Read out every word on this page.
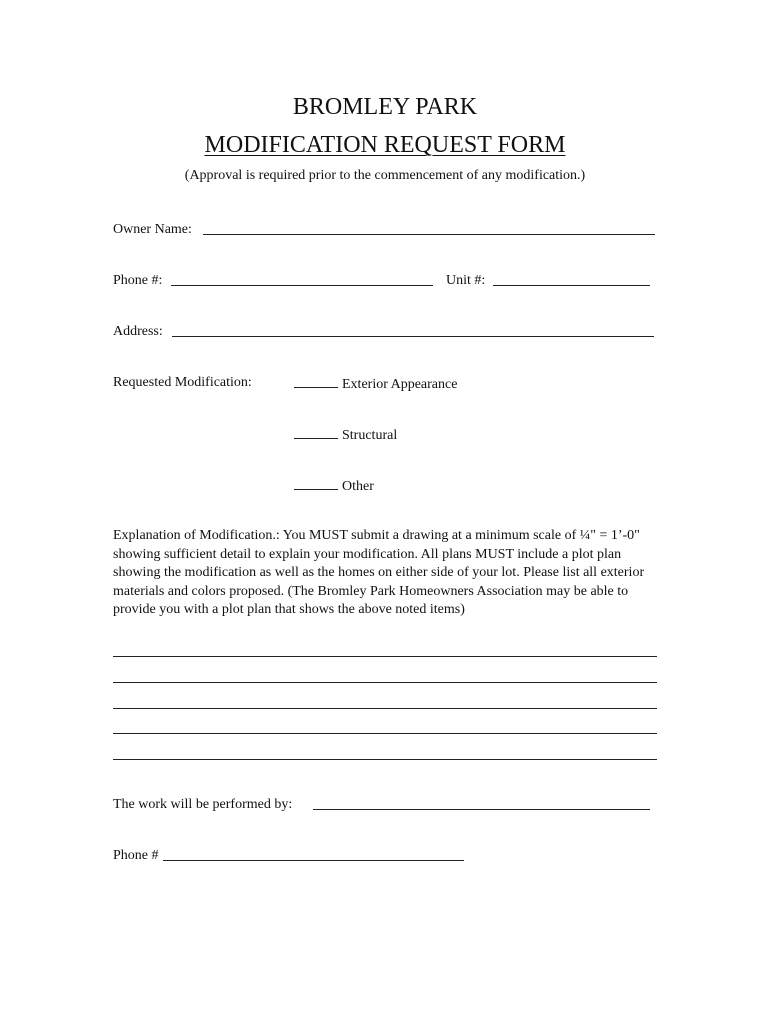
BROMLEY PARK
MODIFICATION REQUEST FORM
(Approval is required prior to the commencement of any modification.)
Owner Name:
Phone #:	Unit #:
Address:
Requested Modification:	Exterior Appearance
Structural
Other
Explanation of Modification.: You MUST submit a drawing at a minimum scale of ¼" = 1’-0" showing sufficient detail to explain your modification. All plans MUST include a plot plan showing the modification as well as the homes on either side of your lot. Please list all exterior materials and colors proposed. (The Bromley Park Homeowners Association may be able to provide you with a plot plan that shows the above noted items)
The work will be performed by:
Phone #
